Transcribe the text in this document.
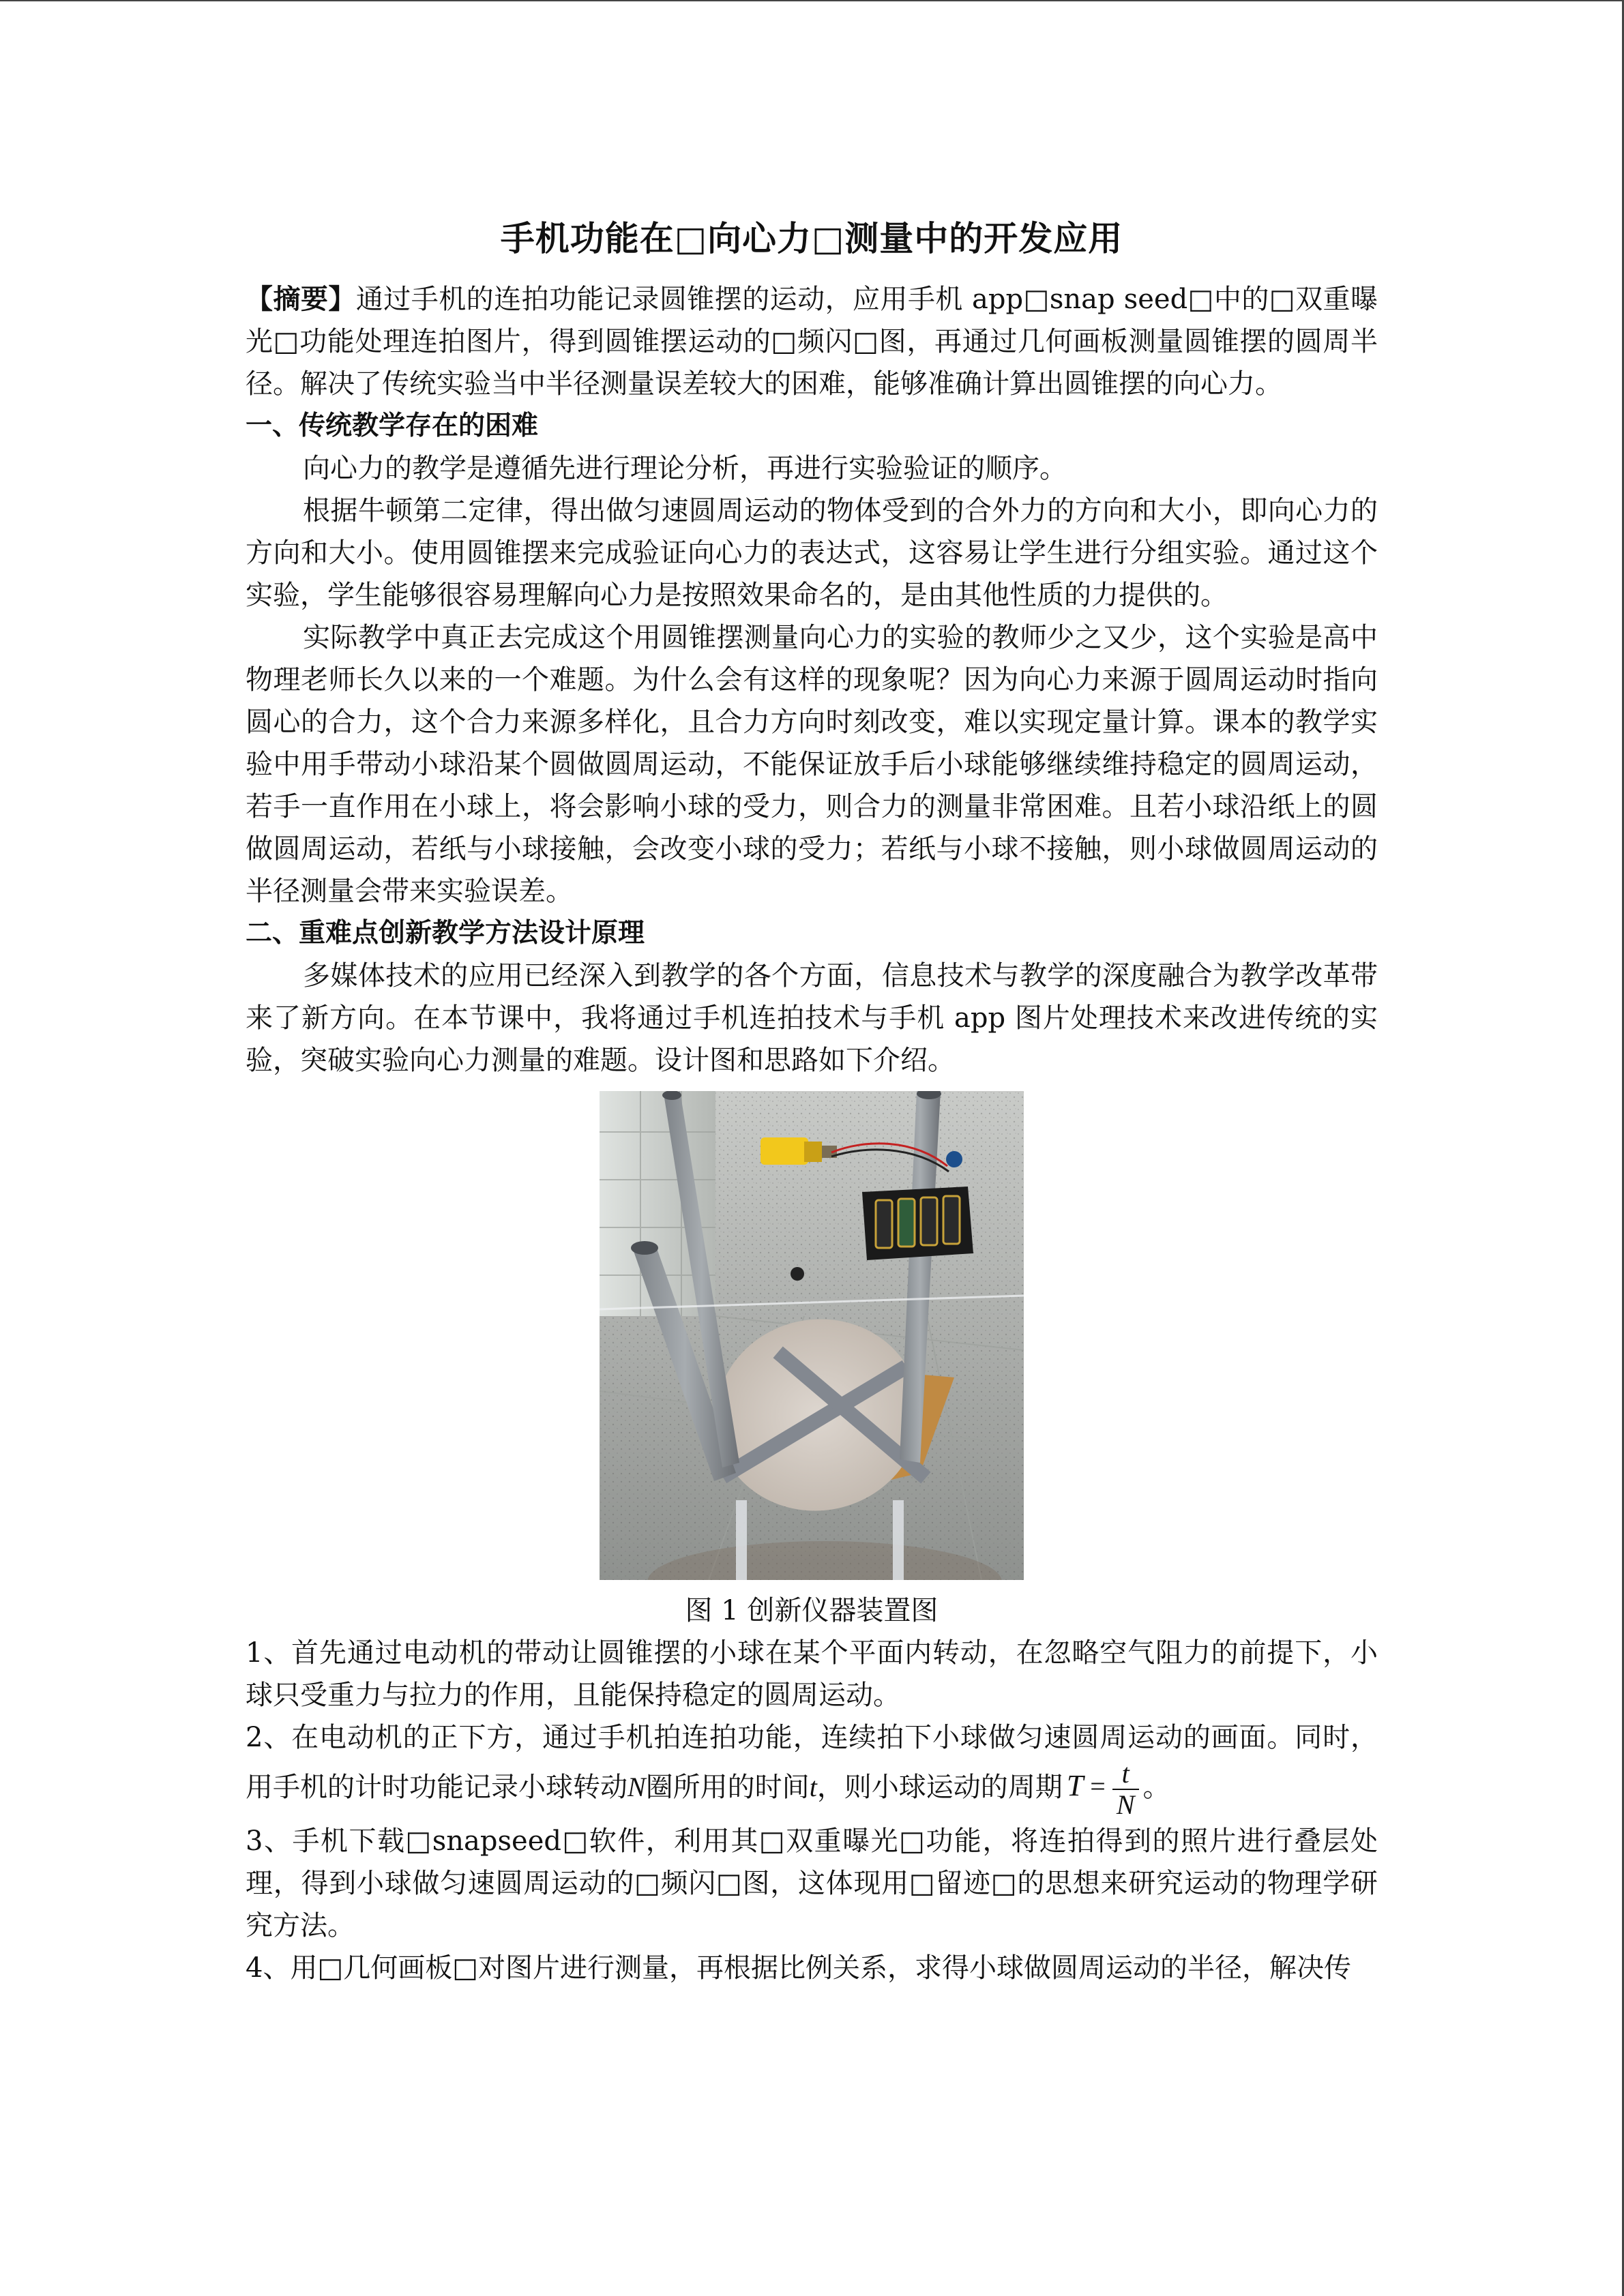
手机功能在□向心力□测量中的开发应用

【摘要】通过手机的连拍功能记录圆锥摆的运动，应用手机 app□snap seed□中的□双重曝光□功能处理连拍图片，得到圆锥摆运动的□频闪□图，再通过几何画板测量圆锥摆的圆周半径。解决了传统实验当中半径测量误差较大的困难，能够准确计算出圆锥摆的向心力。

一、传统教学存在的困难

向心力的教学是遵循先进行理论分析，再进行实验验证的顺序。

根据牛顿第二定律，得出做匀速圆周运动的物体受到的合外力的方向和大小，即向心力的方向和大小。使用圆锥摆来完成验证向心力的表达式，这容易让学生进行分组实验。通过这个实验，学生能够很容易理解向心力是按照效果命名的，是由其他性质的力提供的。

实际教学中真正去完成这个用圆锥摆测量向心力的实验的教师少之又少，这个实验是高中物理老师长久以来的一个难题。为什么会有这样的现象呢？因为向心力来源于圆周运动时指向圆心的合力，这个合力来源多样化，且合力方向时刻改变，难以实现定量计算。课本的教学实验中用手带动小球沿某个圆做圆周运动，不能保证放手后小球能够继续维持稳定的圆周运动，若手一直作用在小球上，将会影响小球的受力，则合力的测量非常困难。且若小球沿纸上的圆做圆周运动，若纸与小球接触，会改变小球的受力；若纸与小球不接触，则小球做圆周运动的半径测量会带来实验误差。

二、重难点创新教学方法设计原理

多媒体技术的应用已经深入到教学的各个方面，信息技术与教学的深度融合为教学改革带来了新方向。在本节课中，我将通过手机连拍技术与手机 app 图片处理技术来改进传统的实验，突破实验向心力测量的难题。设计图和思路如下介绍。

图 1 创新仪器装置图

1、首先通过电动机的带动让圆锥摆的小球在某个平面内转动，在忽略空气阻力的前提下，小球只受重力与拉力的作用，且能保持稳定的圆周运动。

2、在电动机的正下方，通过手机拍连拍功能，连续拍下小球做匀速圆周运动的画面。同时，用手机的计时功能记录小球转动N圈所用的时间t，则小球运动的周期 $T = \frac{t}{N}$ 。

3、手机下载□snapseed□软件，利用其□双重曝光□功能，将连拍得到的照片进行叠层处理，得到小球做匀速圆周运动的□频闪□图，这体现用□留迹□的思想来研究运动的物理学研究方法。

4、用□几何画板□对图片进行测量，再根据比例关系，求得小球做圆周运动的半径，解决传
